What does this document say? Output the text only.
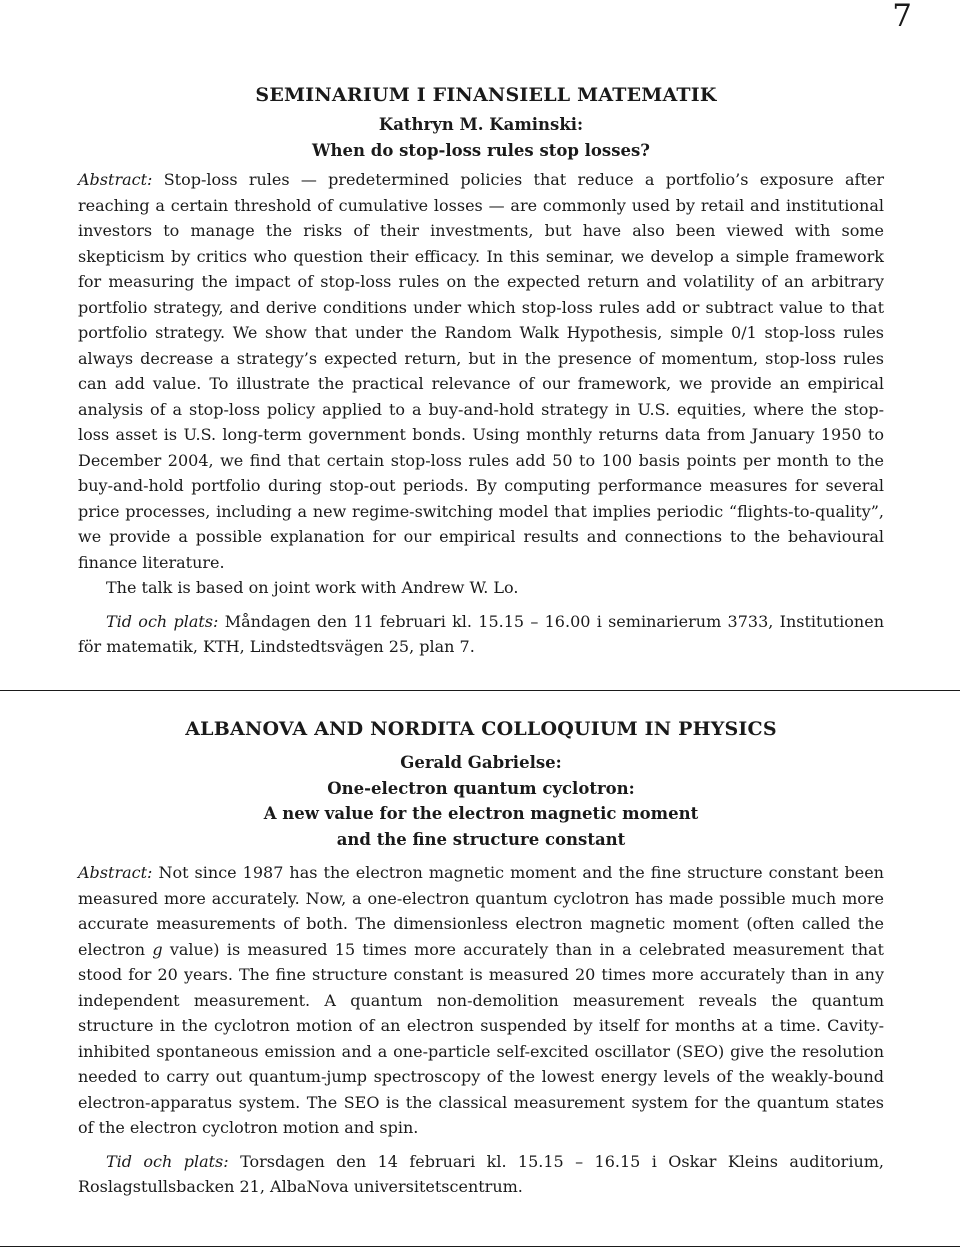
7
SEMINARIUM I FINANSIELL MATEMATIK

Kathryn M. Kaminski:

When do stop-loss rules stop losses?

Abstract: Stop-loss rules — predetermined policies that reduce a portfolio’s exposure after reaching a certain threshold of cumulative losses — are commonly used by retail and institutional investors to manage the risks of their investments, but have also been viewed with some skepticism by critics who question their efficacy. In this seminar, we develop a simple framework for measuring the impact of stop-loss rules on the expected return and volatility of an arbitrary portfolio strategy, and derive conditions under which stop-loss rules add or subtract value to that portfolio strategy. We show that under the Random Walk Hypothesis, simple 0/1 stop-loss rules always decrease a strategy’s expected return, but in the presence of momentum, stop-loss rules can add value. To illustrate the practical relevance of our framework, we provide an empirical analysis of a stop-loss policy applied to a buy-and-hold strategy in U.S. equities, where the stop-loss asset is U.S. long-term government bonds. Using monthly returns data from January 1950 to December 2004, we find that certain stop-loss rules add 50 to 100 basis points per month to the buy-and-hold portfolio during stop-out periods. By computing performance measures for several price processes, including a new regime-switching model that implies periodic “flights-to-quality”, we provide a possible explanation for our empirical results and connections to the behavioural finance literature.

The talk is based on joint work with Andrew W. Lo.

Tid och plats: Måndagen den 11 februari kl. 15.15 – 16.00 i seminarierum 3733, Institutionen för matematik, KTH, Lindstedtsvägen 25, plan 7.

ALBANOVA AND NORDITA COLLOQUIUM IN PHYSICS

Gerald Gabrielse:

One-electron quantum cyclotron:

A new value for the electron magnetic moment

and the fine structure constant

Abstract: Not since 1987 has the electron magnetic moment and the fine structure constant been measured more accurately. Now, a one-electron quantum cyclotron has made possible much more accurate measurements of both. The dimensionless electron magnetic moment (often called the electron g value) is measured 15 times more accurately than in a celebrated measurement that stood for 20 years. The fine structure constant is measured 20 times more accurately than in any independent measurement. A quantum non-demolition measurement reveals the quantum structure in the cyclotron motion of an electron suspended by itself for months at a time. Cavity-inhibited spontaneous emission and a one-particle self-excited oscillator (SEO) give the resolution needed to carry out quantum-jump spectroscopy of the lowest energy levels of the weakly-bound electron-apparatus system. The SEO is the classical measurement system for the quantum states of the electron cyclotron motion and spin.

Tid och plats: Torsdagen den 14 februari kl. 15.15 – 16.15 i Oskar Kleins auditorium, Roslagstullsbacken 21, AlbaNova universitetscentrum.
